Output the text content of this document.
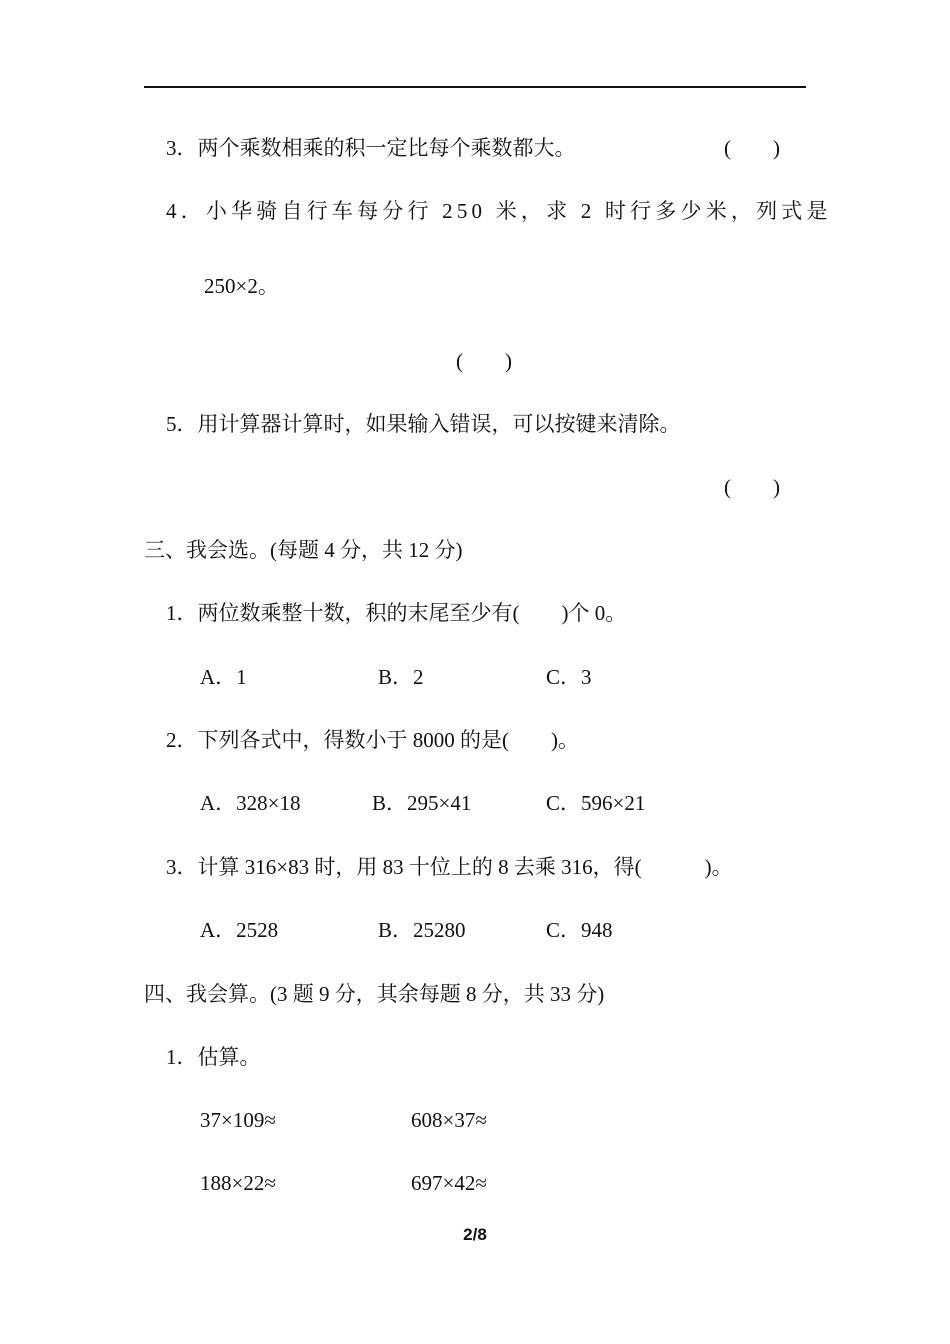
3．两个乘数相乘的积一定比每个乘数都大。	(　　)
4．小华骑自行车每分行 250 米，求 2 时行多少米，列式是
250×2。
(　　)
5．用计算器计算时，如果输入错误，可以按键来清除。
(　　)
三、我会选。(每题 4 分，共 12 分)
1．两位数乘整十数，积的末尾至少有(　　)个 0。
A．1	B．2	C．3
2．下列各式中，得数小于 8000 的是(　　)。
A．328×18	B．295×41	C．596×21
3．计算 316×83 时，用 83 十位上的 8 去乘 316，得(　　　)。
A．2528	B．25280	C．948
四、我会算。(3 题 9 分，其余每题 8 分，共 33 分)
1．估算。
37×109≈	608×37≈
188×22≈	697×42≈
2/8
